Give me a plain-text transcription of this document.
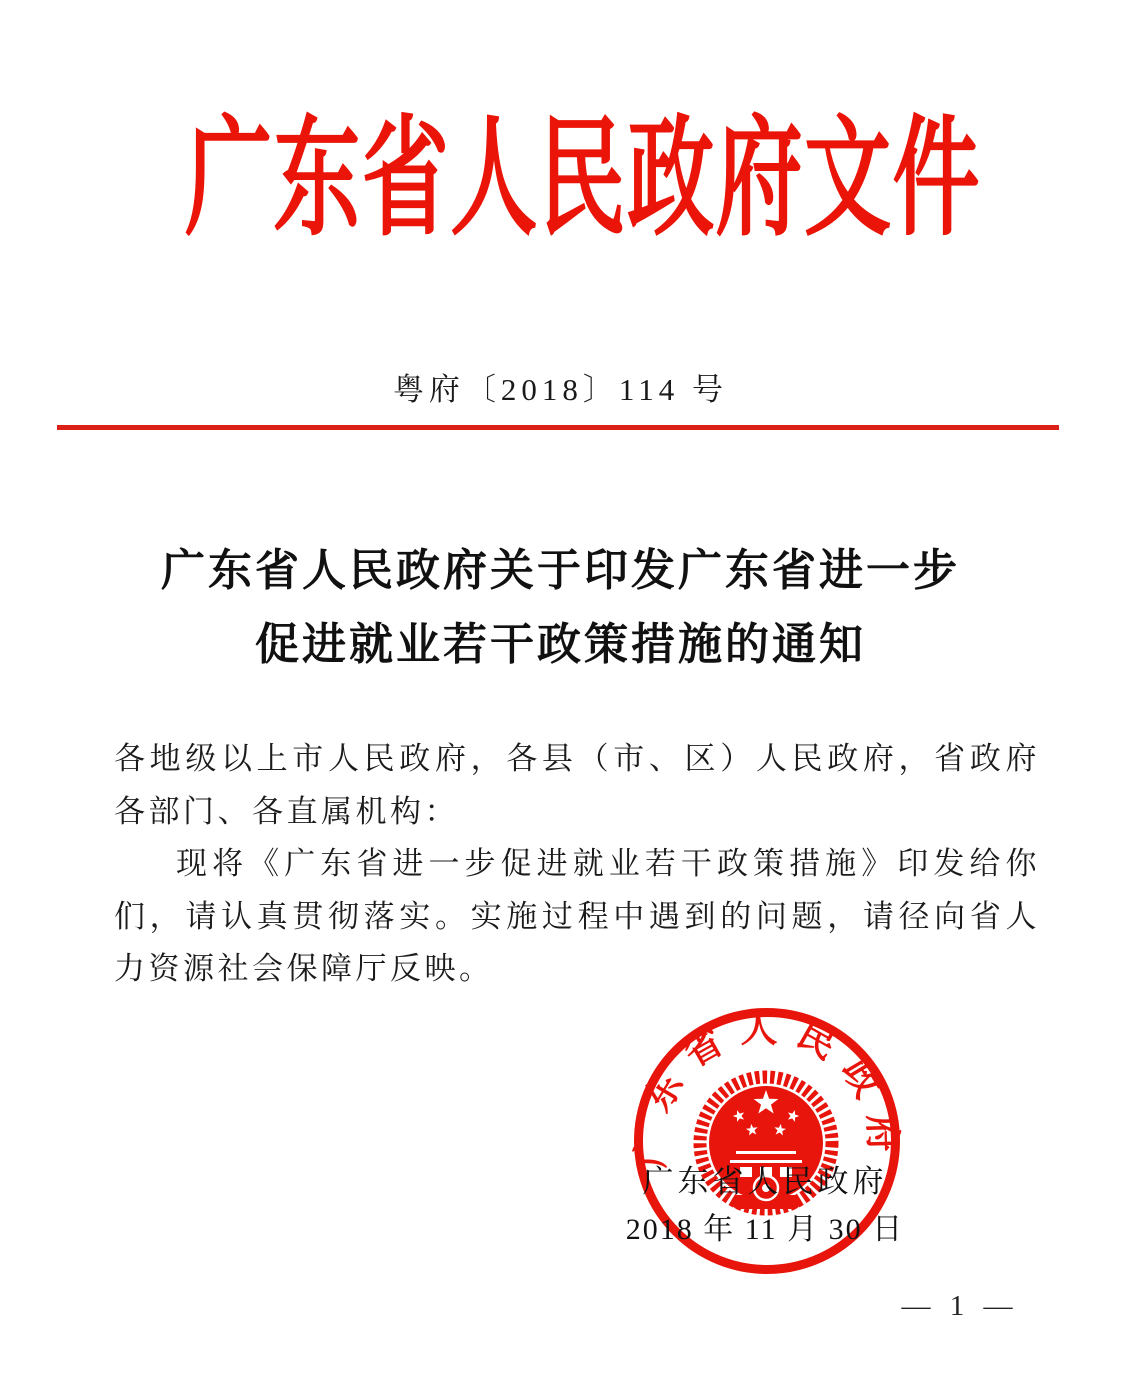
广东省人民政府文件
粤府〔2018〕114 号
广东省人民政府关于印发广东省进一步
促进就业若干政策措施的通知

各地级以上市人民政府，各县（市、区）人民政府，省政府各部门、各直属机构：

现将《广东省进一步促进就业若干政策措施》印发给你们，请认真贯彻落实。实施过程中遇到的问题，请径向省人力资源社会保障厅反映。

广东省人民政府
广东省人民政府
2018 年 11 月 30 日
— 1 —
